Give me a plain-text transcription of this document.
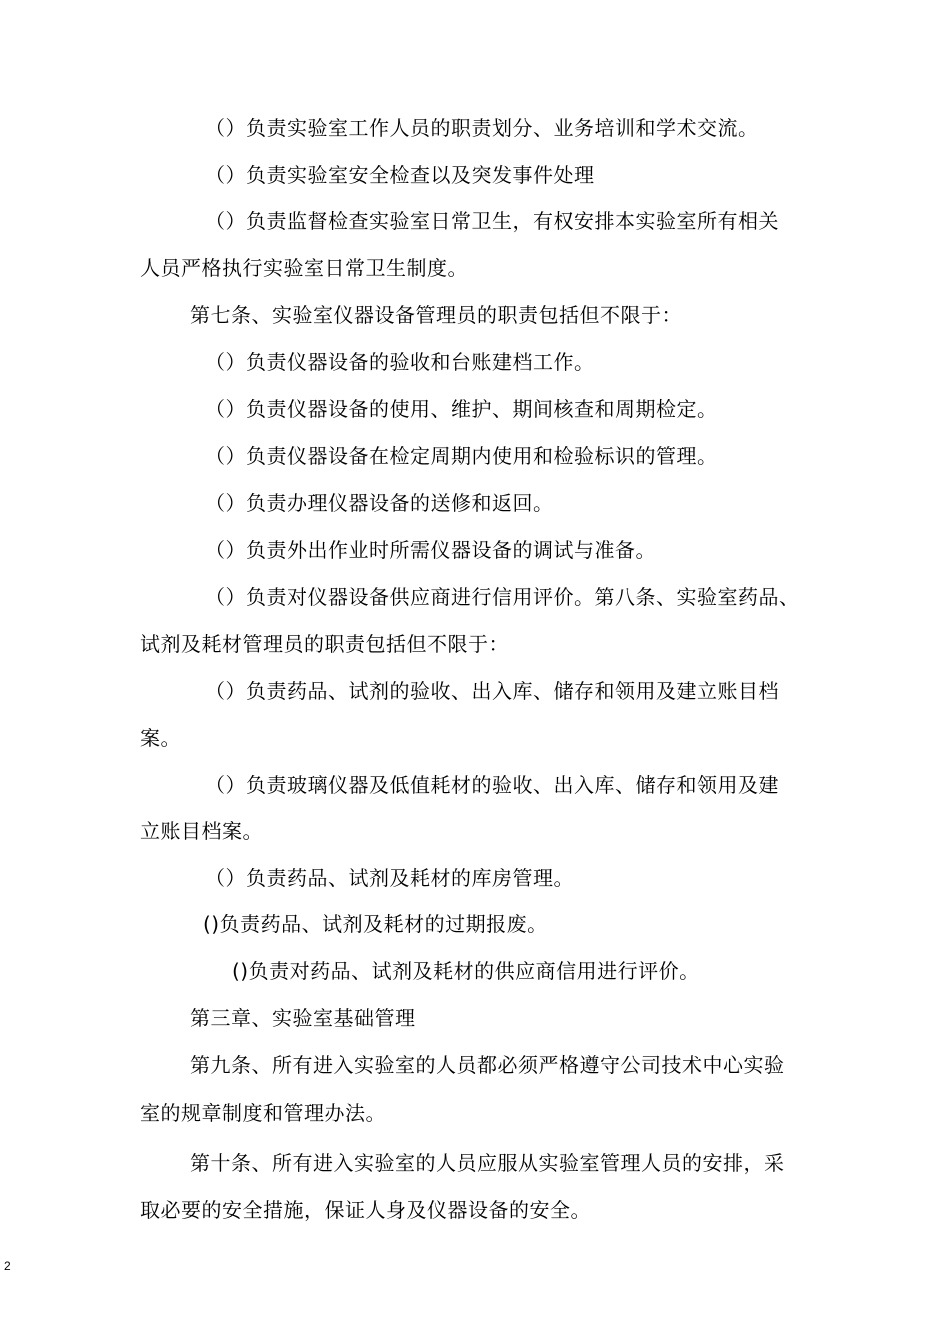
（）负责实验室工作人员的职责划分、业务培训和学术交流。
（）负责实验室安全检查以及突发事件处理
（）负责监督检查实验室日常卫生，有权安排本实验室所有相关
人员严格执行实验室日常卫生制度。
第七条、实验室仪器设备管理员的职责包括但不限于：
（）负责仪器设备的验收和台账建档工作。
（）负责仪器设备的使用、维护、期间核查和周期检定。
（）负责仪器设备在检定周期内使用和检验标识的管理。
（）负责办理仪器设备的送修和返回。
（）负责外出作业时所需仪器设备的调试与准备。
（）负责对仪器设备供应商进行信用评价。第八条、实验室药品、
试剂及耗材管理员的职责包括但不限于：
（）负责药品、试剂的验收、出入库、储存和领用及建立账目档
案。
（）负责玻璃仪器及低值耗材的验收、出入库、储存和领用及建
立账目档案。
（）负责药品、试剂及耗材的库房管理。
()负责药品、试剂及耗材的过期报废。
()负责对药品、试剂及耗材的供应商信用进行评价。
第三章、实验室基础管理
第九条、所有进入实验室的人员都必须严格遵守公司技术中心实验
室的规章制度和管理办法。
第十条、所有进入实验室的人员应服从实验室管理人员的安排，采
取必要的安全措施，保证人身及仪器设备的安全。
2
